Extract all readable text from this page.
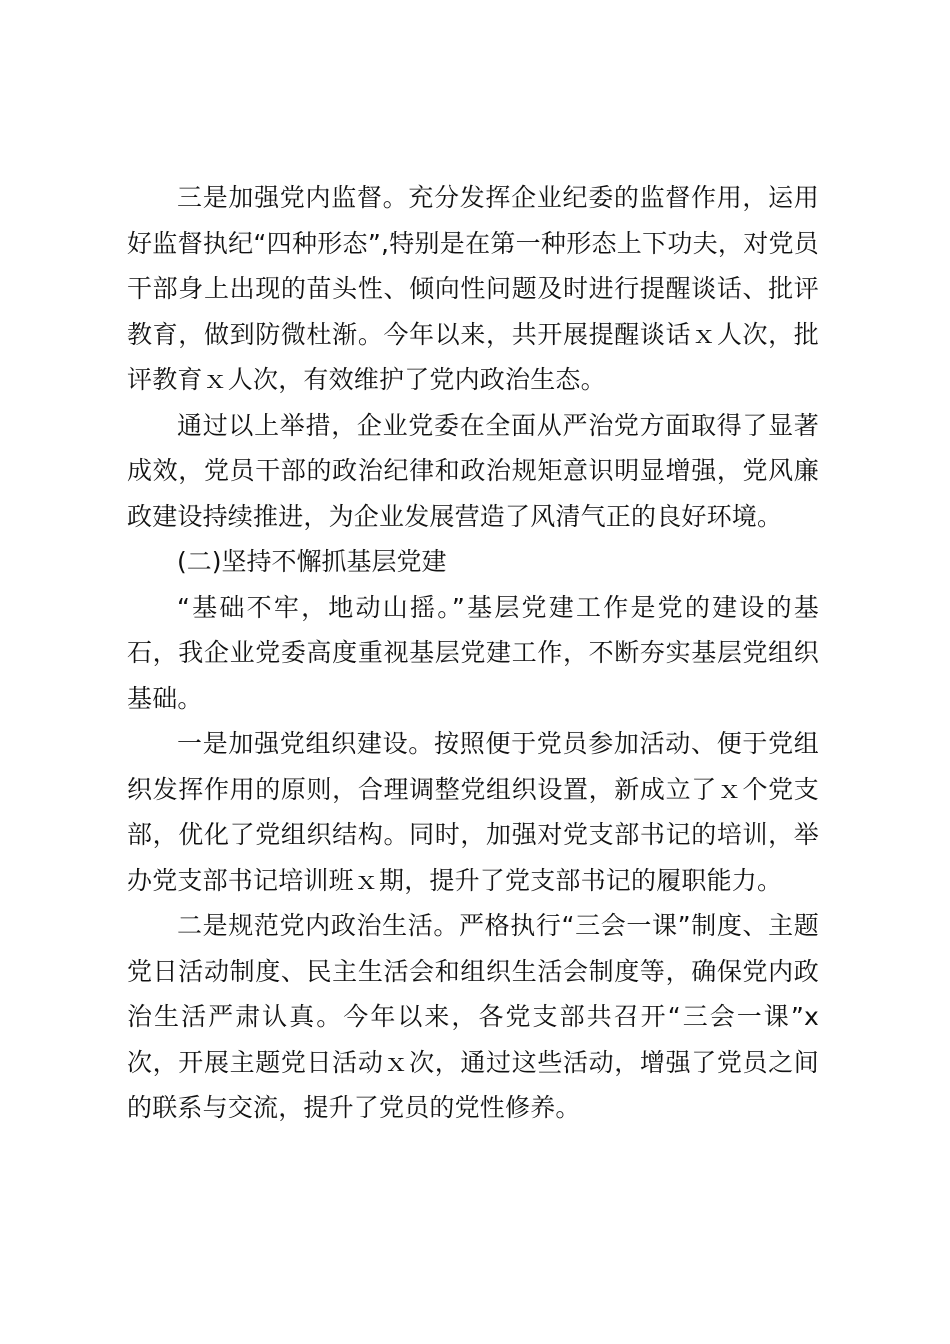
三是加强党内监督。充分发挥企业纪委的监督作用，运用好监督执纪“四种形态”,特别是在第一种形态上下功夫，对党员干部身上出现的苗头性、倾向性问题及时进行提醒谈话、批评教育，做到防微杜渐。今年以来，共开展提醒谈话ｘ人次，批评教育ｘ人次，有效维护了党内政治生态。

通过以上举措，企业党委在全面从严治党方面取得了显著成效，党员干部的政治纪律和政治规矩意识明显增强，党风廉政建设持续推进，为企业发展营造了风清气正的良好环境。

(二)坚持不懈抓基层党建

“基础不牢，地动山摇。”基层党建工作是党的建设的基石，我企业党委高度重视基层党建工作，不断夯实基层党组织基础。

一是加强党组织建设。按照便于党员参加活动、便于党组织发挥作用的原则，合理调整党组织设置，新成立了ｘ个党支部，优化了党组织结构。同时，加强对党支部书记的培训，举办党支部书记培训班ｘ期，提升了党支部书记的履职能力。

二是规范党内政治生活。严格执行“三会一课”制度、主题党日活动制度、民主生活会和组织生活会制度等，确保党内政治生活严肃认真。今年以来，各党支部共召开“三会一课”x次，开展主题党日活动ｘ次，通过这些活动，增强了党员之间的联系与交流，提升了党员的党性修养。
